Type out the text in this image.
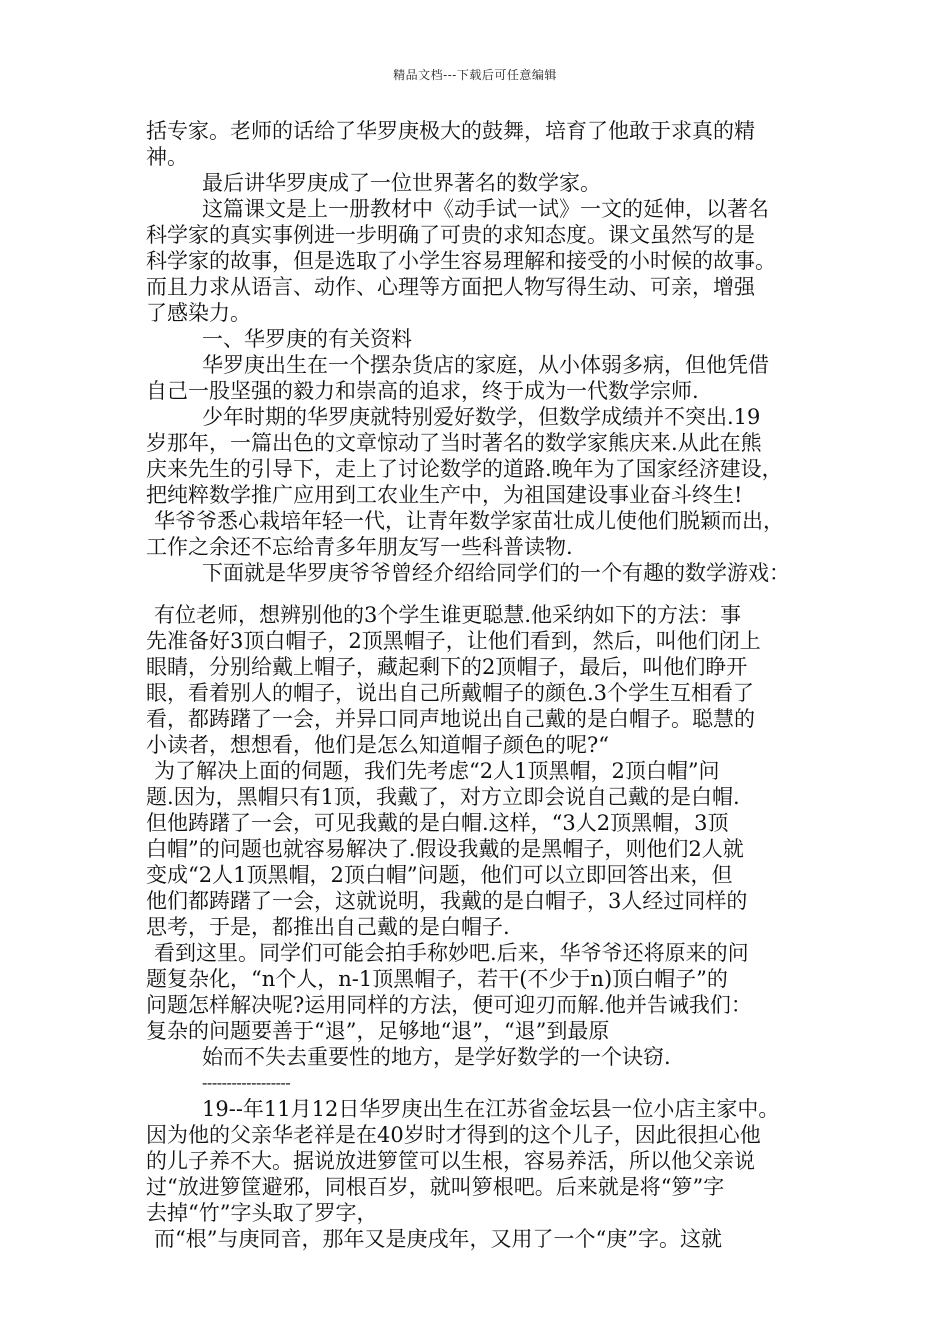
精品文档---下载后可任意编辑
括专家。老师的话给了华罗庚极大的鼓舞，培育了他敢于求真的精
神。
最后讲华罗庚成了一位世界著名的数学家。
这篇课文是上一册教材中《动手试一试》一文的延伸，以著名
科学家的真实事例进一步明确了可贵的求知态度。课文虽然写的是
科学家的故事，但是选取了小学生容易理解和接受的小时候的故事。
而且力求从语言、动作、心理等方面把人物写得生动、可亲，增强
了感染力。
一、华罗庚的有关资料
华罗庚出生在一个摆杂货店的家庭，从小体弱多病，但他凭借
自己一股坚强的毅力和崇高的追求，终于成为一代数学宗师.
少年时期的华罗庚就特别爱好数学，但数学成绩并不突出.19
岁那年，一篇出色的文章惊动了当时著名的数学家熊庆来.从此在熊
庆来先生的引导下，走上了讨论数学的道路.晚年为了国家经济建设，
把纯粹数学推广应用到工农业生产中，为祖国建设事业奋斗终生!
华爷爷悉心栽培年轻一代，让青年数学家苗壮成儿使他们脱颖而出，
工作之余还不忘给青多年朋友写一些科普读物.
下面就是华罗庚爷爷曾经介绍给同学们的一个有趣的数学游戏：
有位老师，想辨别他的3个学生谁更聪慧.他采纳如下的方法：事
先准备好3顶白帽子，2顶黑帽子，让他们看到，然后，叫他们闭上
眼睛，分别给戴上帽子，藏起剩下的2顶帽子，最后，叫他们睁开
眼，看着别人的帽子，说出自己所戴帽子的颜色.3个学生互相看了
看，都踌躇了一会，并异口同声地说出自己戴的是白帽子。聪慧的
小读者，想想看，他们是怎么知道帽子颜色的呢?“
为了解决上面的伺题，我们先考虑“2人1顶黑帽，2顶白帽”问
题.因为，黑帽只有1顶，我戴了，对方立即会说自己戴的是白帽.
但他踌躇了一会，可见我戴的是白帽.这样，“3人2顶黑帽，3顶
白帽”的问题也就容易解决了.假设我戴的是黑帽子，则他们2人就
变成“2人1顶黑帽，2顶白帽”问题，他们可以立即回答出来，但
他们都踌躇了一会，这就说明，我戴的是白帽子，3人经过同样的
思考，于是，都推出自己戴的是白帽子.
看到这里。同学们可能会拍手称妙吧.后来，华爷爷还将原来的问
题复杂化，“n个人，n-1顶黑帽子，若干(不少于n)顶白帽子”的
问题怎样解决呢?运用同样的方法，便可迎刃而解.他并告诫我们：
复杂的问题要善于“退”，足够地“退”，“退”到最原
始而不失去重要性的地方，是学好数学的一个诀窃.
------------------
19--年11月12日华罗庚出生在江苏省金坛县一位小店主家中。
因为他的父亲华老祥是在40岁时才得到的这个儿子，因此很担心他
的儿子养不大。据说放进箩筐可以生根，容易养活，所以他父亲说
过“放进箩筐避邪，同根百岁，就叫箩根吧。后来就是将“箩”字
去掉“竹”字头取了罗字，
而“根”与庚同音，那年又是庚戌年，又用了一个“庚”字。这就
